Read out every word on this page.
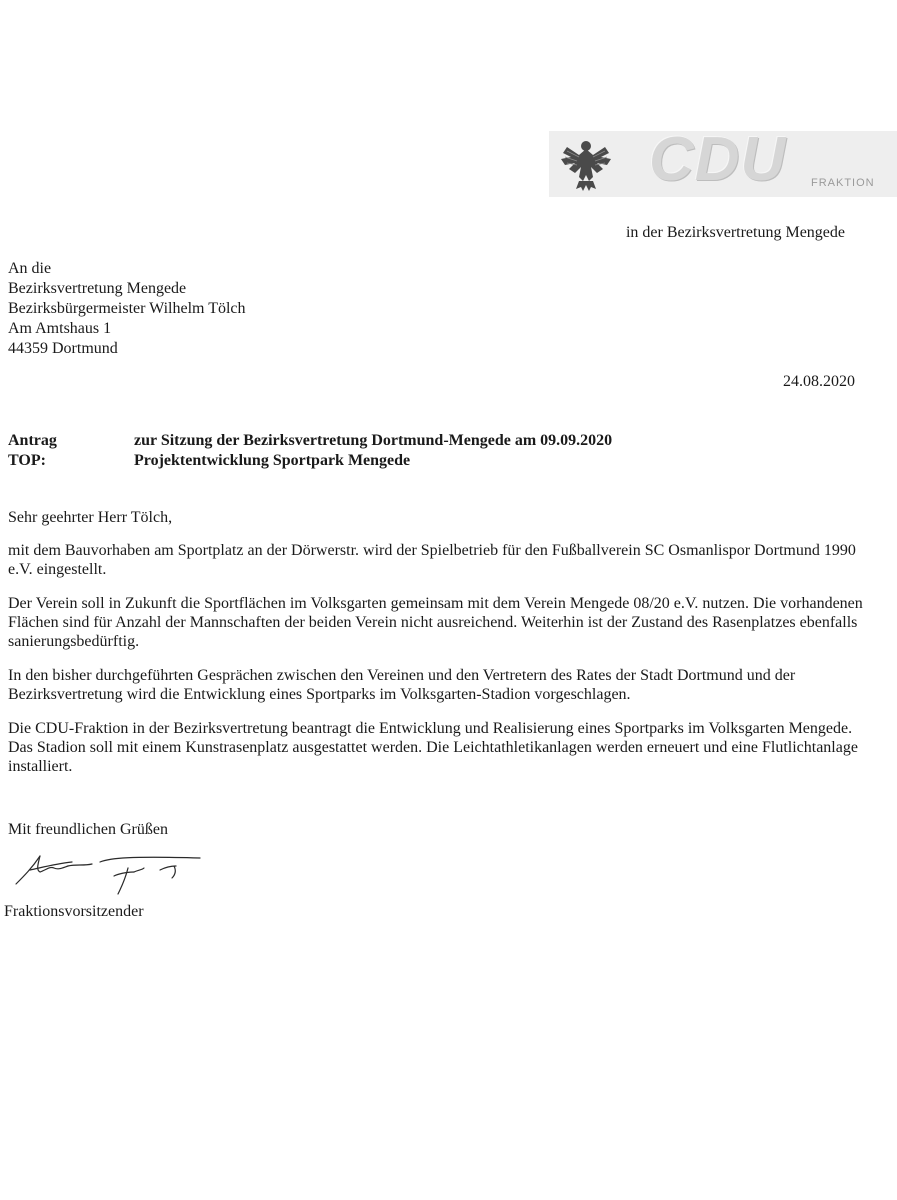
CDU FRAKTION
in der Bezirksvertretung Mengede
An die
Bezirksvertretung Mengede
Bezirksbürgermeister Wilhelm Tölch
Am Amtshaus 1
44359 Dortmund
24.08.2020
Antrag	zur Sitzung der Bezirksvertretung Dortmund-Mengede am 09.09.2020
TOP:	Projektentwicklung Sportpark Mengede

Sehr geehrter Herr Tölch,

mit dem Bauvorhaben am Sportplatz an der Dörwerstr. wird der Spielbetrieb für den Fußballverein SC Osmanlispor Dortmund 1990 e.V. eingestellt.

Der Verein soll in Zukunft die Sportflächen im Volksgarten gemeinsam mit dem Verein Mengede 08/20 e.V. nutzen. Die vorhandenen Flächen sind für Anzahl der Mannschaften der beiden Verein nicht ausreichend. Weiterhin ist der Zustand des Rasenplatzes ebenfalls sanierungsbedürftig.

In den bisher durchgeführten Gesprächen zwischen den Vereinen und den Vertretern des Rates der Stadt Dortmund und der Bezirksvertretung wird die Entwicklung eines Sportparks im Volksgarten-Stadion vorgeschlagen.

Die CDU-Fraktion in der Bezirksvertretung beantragt die Entwicklung und Realisierung eines Sportparks im Volksgarten Mengede. Das Stadion soll mit einem Kunstrasenplatz ausgestattet werden. Die Leichtathletikanlagen werden erneuert und eine Flutlichtanlage installiert.

Mit freundlichen Grüßen
Fraktionsvorsitzender
